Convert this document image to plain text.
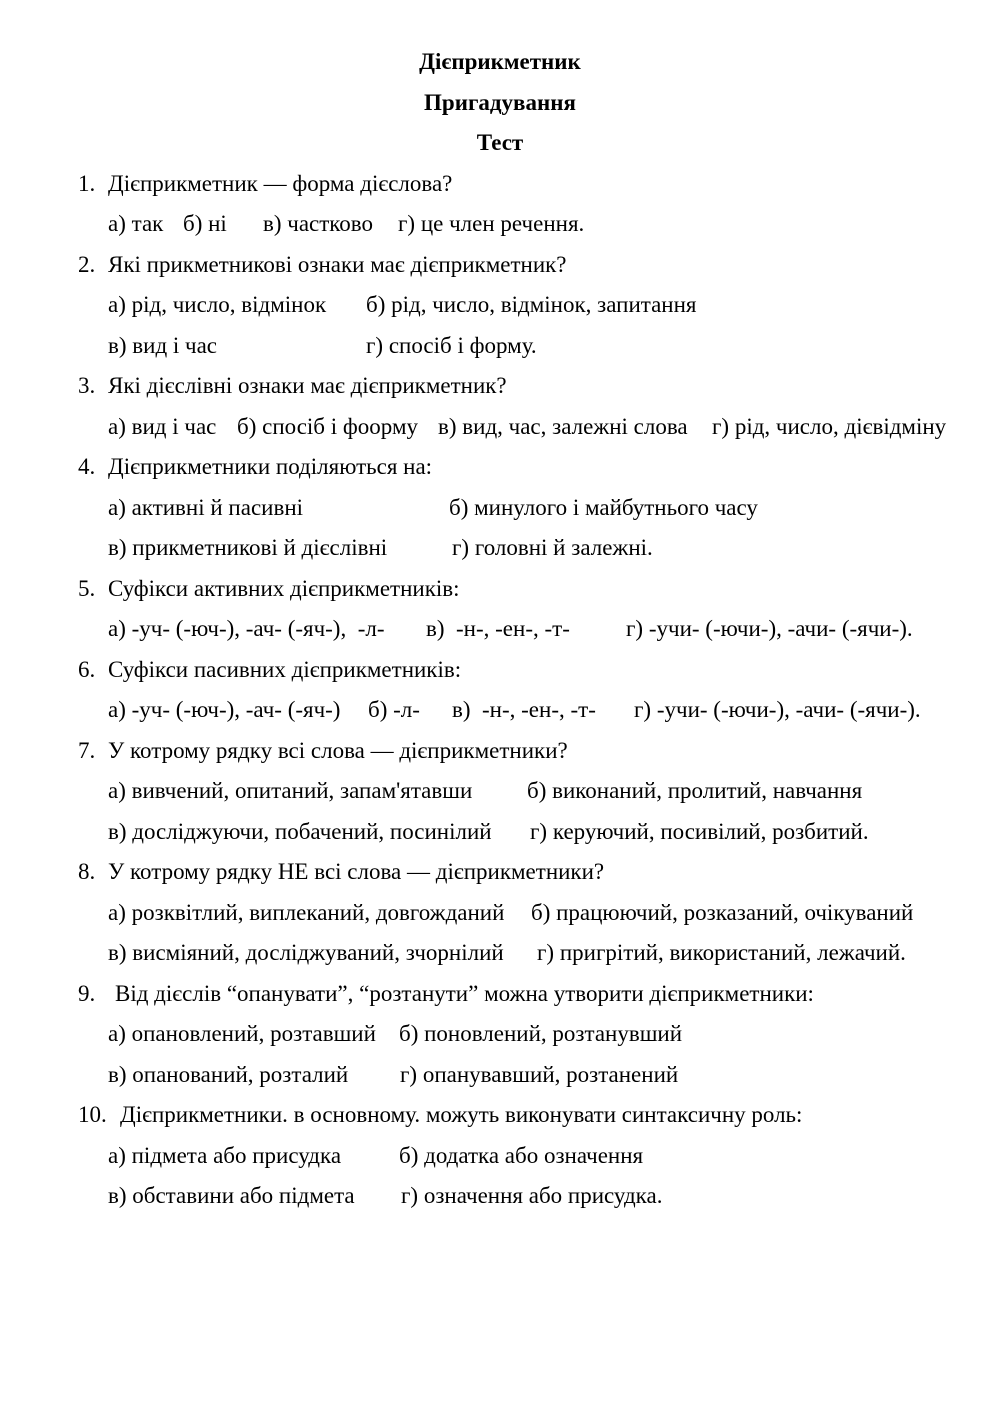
Дієприкметник
Пригадування
Тест
1. Дієприкметник — форма дієслова?
а) так б) ні в) частково г) це член речення.
2. Які прикметникові ознаки має дієприкметник?
а) рід, число, відмінок б) рід, число, відмінок, запитання
в) вид і час	г) спосіб і форму.
3. Які дієслівні ознаки має дієприкметник?
а) вид і час б) спосіб і фоорму в) вид, час, залежні слова г) рід, число, дієвідміну
4. Дієприкметники поділяються на:
а) активні й пасивні	б) минулого і майбутнього часу
в) прикметникові й дієслівні	г) головні й залежні.
5. Суфікси активних дієприкметників:
а) -уч- (-юч-), -ач- (-яч-),  -л- в)  -н-, -ен-, -т- г) -учи- (-ючи-), -ачи- (-ячи-).
6. Суфікси пасивних дієприкметників:
а) -уч- (-юч-), -ач- (-яч-) б) -л- в)  -н-, -ен-, -т- г) -учи- (-ючи-), -ачи- (-ячи-).
7. У котрому рядку всі слова — дієприкметники?
а) вивчений, опитаний, запам'ятавши б) виконаний, пролитий, навчання
в) досліджуючи, побачений, посинілий г) керуючий, посивілий, розбитий.
8. У котрому рядку НЕ всі слова — дієприкметники?
а) розквітлий, виплеканий, довгожданий б) працюючий, розказаний, очікуваний
в) висміяний, досліджуваний, зчорнілий г) пригрітий, використаний, лежачий.
9. Від дієслів “опанувати”, “розтанути” можна утворити дієприкметники:
а) опановлений, розтавший б) поновлений, розтанувший
в) опанований, розталий г) опанувавший, розтанений
10. Дієприкметники. в основному. можуть виконувати синтаксичну роль:
а) підмета або присудка	б) додатка або означення
в) обставини або підмета г) означення або присудка.
